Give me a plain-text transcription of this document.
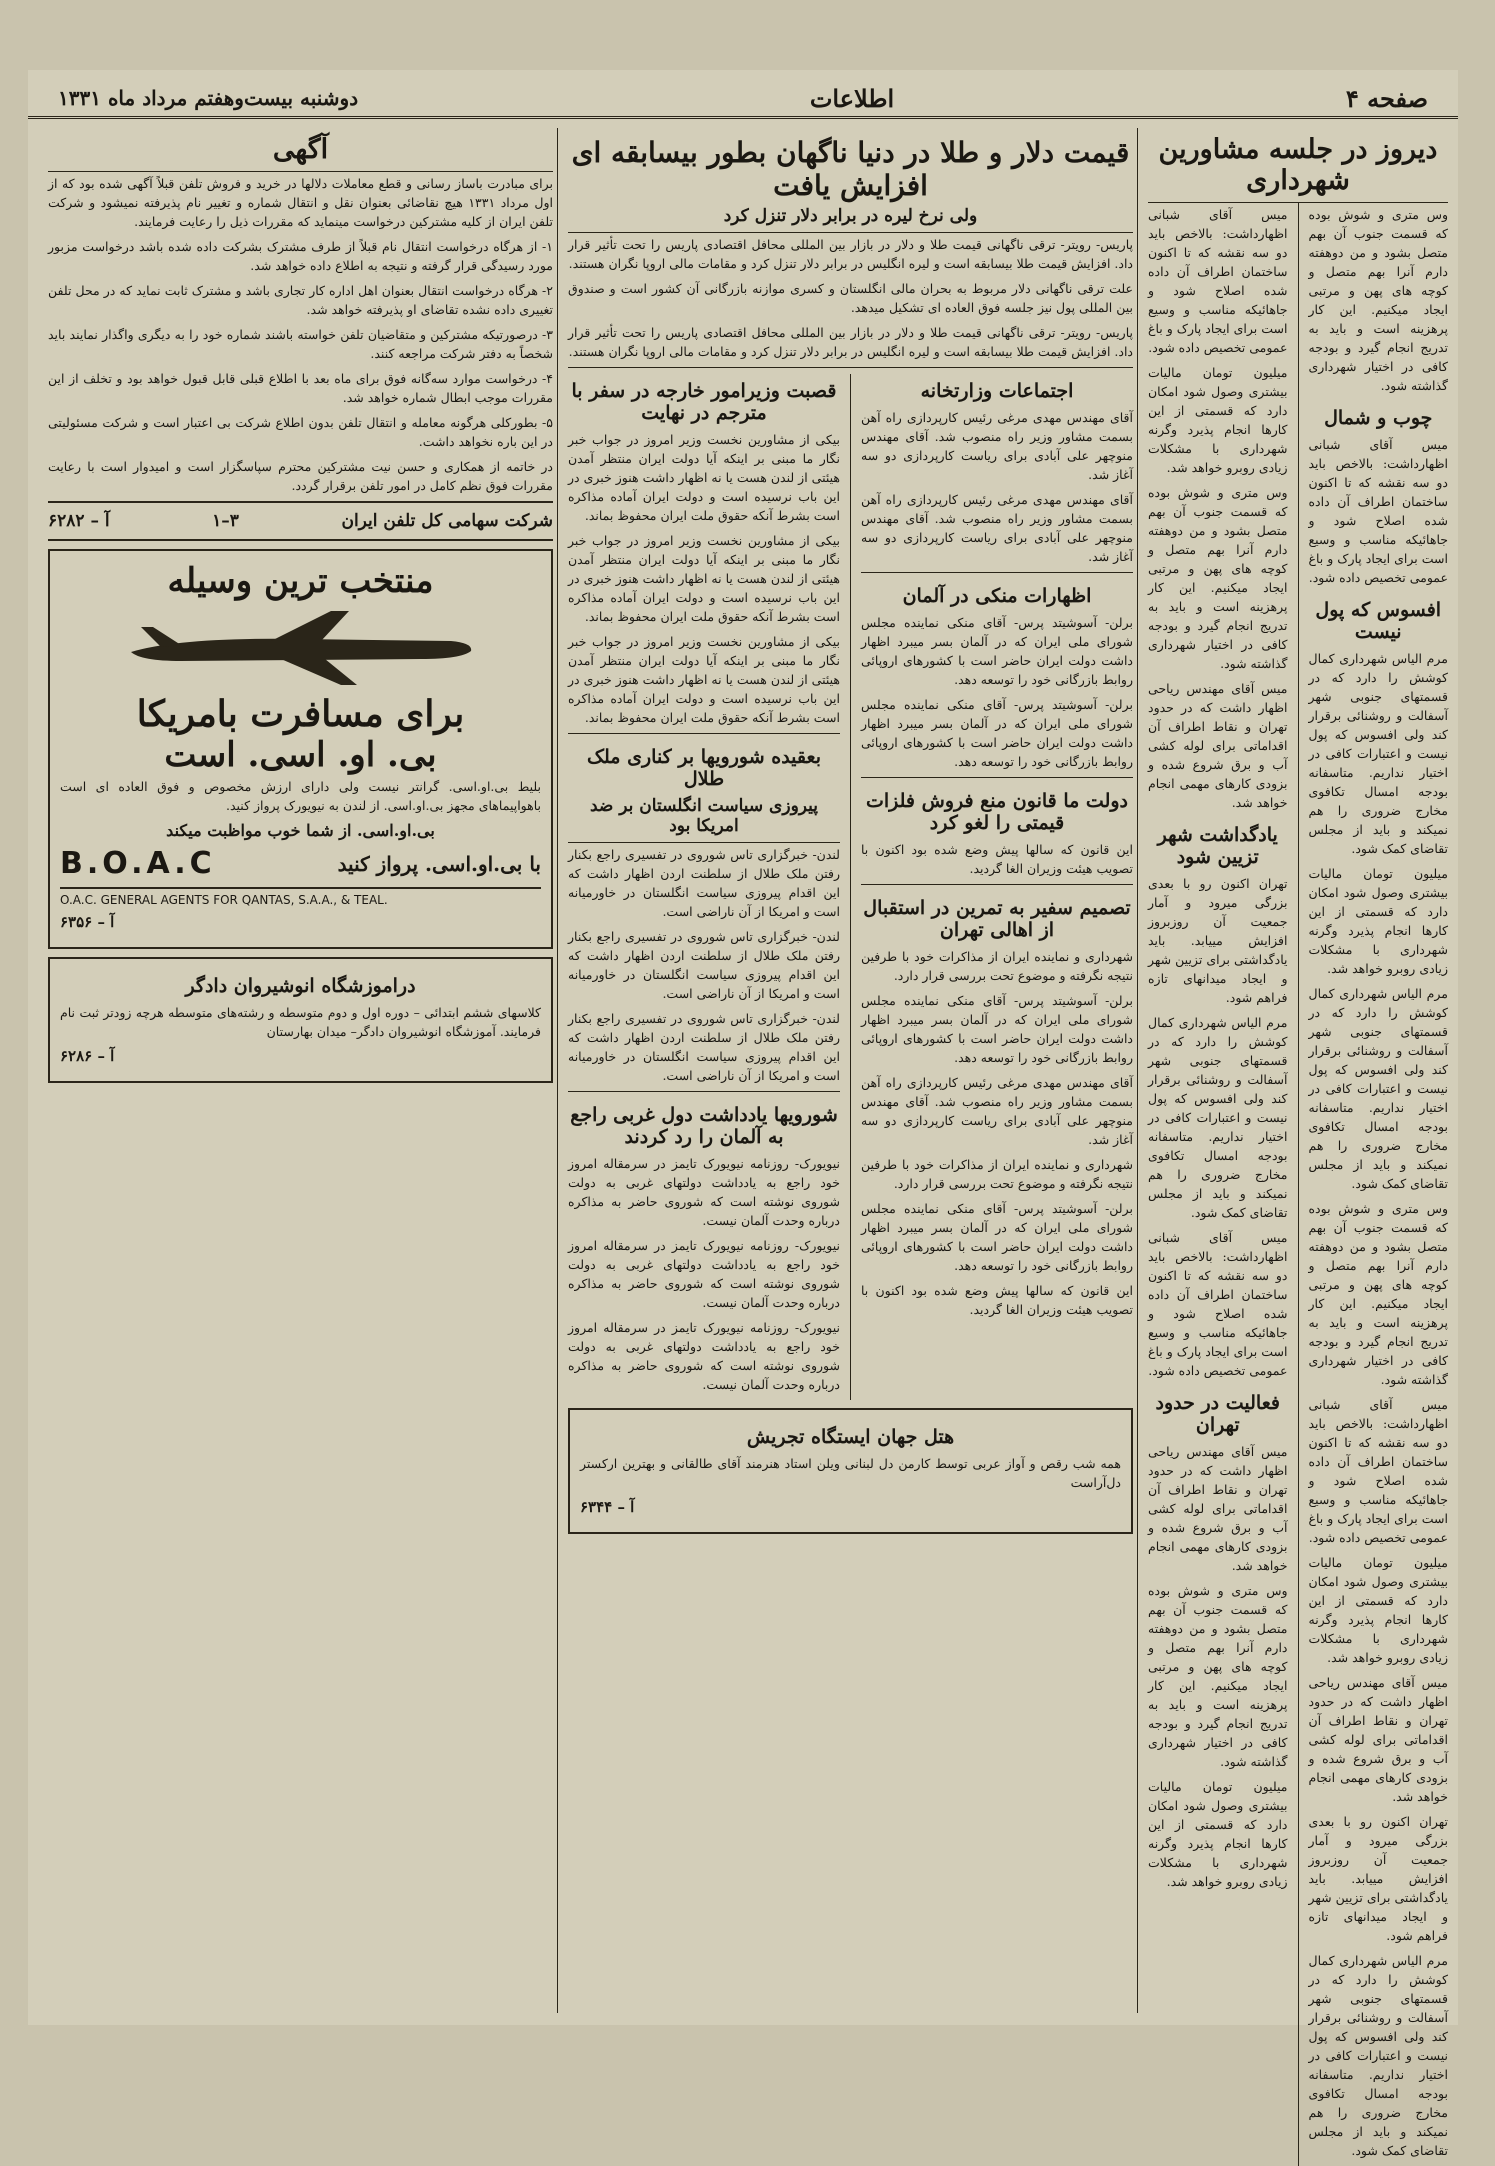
صفحه ۴
اطلاعات
دوشنبه بیست‌وهفتم مرداد ماه ۱۳۳۱
دیروز در جلسه مشاورین شهرداری

وس متری و شوش بوده که قسمت جنوب آن بهم متصل بشود و من دوهفته دارم آنرا بهم متصل و کوچه های پهن و مرتبی ایجاد میکنیم. این کار پرهزینه است و باید به تدریج انجام گیرد و بودجه کافی در اختیار شهرداری گذاشته شود.

چوب و شمال

میس آقای شبانی اظهارداشت: بالاخص باید دو سه نقشه که تا اکنون ساختمان اطراف آن داده شده اصلاح شود و جاهائیکه مناسب و وسیع است برای ایجاد پارک و باغ عمومی تخصیص داده شود.

افسوس که پول نیست

مرم الیاس شهرداری کمال کوشش را دارد که در قسمتهای جنوبی شهر آسفالت و روشنائی برقرار کند ولی افسوس که پول نیست و اعتبارات کافی در اختیار نداریم. متاسفانه بودجه امسال تکافوی مخارج ضروری را هم نمیکند و باید از مجلس تقاضای کمک شود.

میلیون تومان مالیات بیشتری وصول شود امکان دارد که قسمتی از این کارها انجام پذیرد وگرنه شهرداری با مشکلات زیادی روبرو خواهد شد.

مرم الیاس شهرداری کمال کوشش را دارد که در قسمتهای جنوبی شهر آسفالت و روشنائی برقرار کند ولی افسوس که پول نیست و اعتبارات کافی در اختیار نداریم. متاسفانه بودجه امسال تکافوی مخارج ضروری را هم نمیکند و باید از مجلس تقاضای کمک شود.

وس متری و شوش بوده که قسمت جنوب آن بهم متصل بشود و من دوهفته دارم آنرا بهم متصل و کوچه های پهن و مرتبی ایجاد میکنیم. این کار پرهزینه است و باید به تدریج انجام گیرد و بودجه کافی در اختیار شهرداری گذاشته شود.

میس آقای شبانی اظهارداشت: بالاخص باید دو سه نقشه که تا اکنون ساختمان اطراف آن داده شده اصلاح شود و جاهائیکه مناسب و وسیع است برای ایجاد پارک و باغ عمومی تخصیص داده شود.

میلیون تومان مالیات بیشتری وصول شود امکان دارد که قسمتی از این کارها انجام پذیرد وگرنه شهرداری با مشکلات زیادی روبرو خواهد شد.

میس آقای مهندس ریاحی اظهار داشت که در حدود تهران و نقاط اطراف آن اقداماتی برای لوله کشی آب و برق شروع شده و بزودی کارهای مهمی انجام خواهد شد.

تهران اکنون رو با بعدی بزرگی میرود و آمار جمعیت آن روزبروز افزایش مییابد. باید یادگداشتی برای تزیین شهر و ایجاد میدانهای تازه فراهم شود.

مرم الیاس شهرداری کمال کوشش را دارد که در قسمتهای جنوبی شهر آسفالت و روشنائی برقرار کند ولی افسوس که پول نیست و اعتبارات کافی در اختیار نداریم. متاسفانه بودجه امسال تکافوی مخارج ضروری را هم نمیکند و باید از مجلس تقاضای کمک شود.

میس آقای شبانی اظهارداشت: بالاخص باید دو سه نقشه که تا اکنون ساختمان اطراف آن داده شده اصلاح شود و جاهائیکه مناسب و وسیع است برای ایجاد پارک و باغ عمومی تخصیص داده شود.

میلیون تومان مالیات بیشتری وصول شود امکان دارد که قسمتی از این کارها انجام پذیرد وگرنه شهرداری با مشکلات زیادی روبرو خواهد شد.

وس متری و شوش بوده که قسمت جنوب آن بهم متصل بشود و من دوهفته دارم آنرا بهم متصل و کوچه های پهن و مرتبی ایجاد میکنیم. این کار پرهزینه است و باید به تدریج انجام گیرد و بودجه کافی در اختیار شهرداری گذاشته شود.

میس آقای مهندس ریاحی اظهار داشت که در حدود تهران و نقاط اطراف آن اقداماتی برای لوله کشی آب و برق شروع شده و بزودی کارهای مهمی انجام خواهد شد.

یادگداشت شهر تزیین شود

تهران اکنون رو با بعدی بزرگی میرود و آمار جمعیت آن روزبروز افزایش مییابد. باید یادگداشتی برای تزیین شهر و ایجاد میدانهای تازه فراهم شود.

مرم الیاس شهرداری کمال کوشش را دارد که در قسمتهای جنوبی شهر آسفالت و روشنائی برقرار کند ولی افسوس که پول نیست و اعتبارات کافی در اختیار نداریم. متاسفانه بودجه امسال تکافوی مخارج ضروری را هم نمیکند و باید از مجلس تقاضای کمک شود.

میس آقای شبانی اظهارداشت: بالاخص باید دو سه نقشه که تا اکنون ساختمان اطراف آن داده شده اصلاح شود و جاهائیکه مناسب و وسیع است برای ایجاد پارک و باغ عمومی تخصیص داده شود.

فعالیت در حدود تهران

میس آقای مهندس ریاحی اظهار داشت که در حدود تهران و نقاط اطراف آن اقداماتی برای لوله کشی آب و برق شروع شده و بزودی کارهای مهمی انجام خواهد شد.

وس متری و شوش بوده که قسمت جنوب آن بهم متصل بشود و من دوهفته دارم آنرا بهم متصل و کوچه های پهن و مرتبی ایجاد میکنیم. این کار پرهزینه است و باید به تدریج انجام گیرد و بودجه کافی در اختیار شهرداری گذاشته شود.

میلیون تومان مالیات بیشتری وصول شود امکان دارد که قسمتی از این کارها انجام پذیرد وگرنه شهرداری با مشکلات زیادی روبرو خواهد شد.

قیمت دلار و طلا در دنیا ناگهان بطور بیسابقه ای افزایش یافت
ولی نرخ لیره در برابر دلار تنزل کرد

پاریس- رویتر- ترقی ناگهانی قیمت طلا و دلار در بازار بین المللی محافل اقتصادی پاریس را تحت تأثیر قرار داد. افزایش قیمت طلا بیسابقه است و لیره انگلیس در برابر دلار تنزل کرد و مقامات مالی اروپا نگران هستند.

علت ترقی ناگهانی دلار مربوط به بحران مالی انگلستان و کسری موازنه بازرگانی آن کشور است و صندوق بین المللی پول نیز جلسه فوق العاده ای تشکیل میدهد.

پاریس- رویتر- ترقی ناگهانی قیمت طلا و دلار در بازار بین المللی محافل اقتصادی پاریس را تحت تأثیر قرار داد. افزایش قیمت طلا بیسابقه است و لیره انگلیس در برابر دلار تنزل کرد و مقامات مالی اروپا نگران هستند.

اجتماعات وزارتخانه

آقای مهندس مهدی مرغی رئیس کارپردازی راه آهن بسمت مشاور وزیر راه منصوب شد. آقای مهندس منوچهر علی آبادی برای ریاست کارپردازی دو سه آغاز شد.

آقای مهندس مهدی مرغی رئیس کارپردازی راه آهن بسمت مشاور وزیر راه منصوب شد. آقای مهندس منوچهر علی آبادی برای ریاست کارپردازی دو سه آغاز شد.

اظهارات منکی در آلمان

برلن- آسوشیتد پرس- آقای منکی نماینده مجلس شورای ملی ایران که در آلمان بسر میبرد اظهار داشت دولت ایران حاضر است با کشورهای اروپائی روابط بازرگانی خود را توسعه دهد.

برلن- آسوشیتد پرس- آقای منکی نماینده مجلس شورای ملی ایران که در آلمان بسر میبرد اظهار داشت دولت ایران حاضر است با کشورهای اروپائی روابط بازرگانی خود را توسعه دهد.

دولت ما قانون منع فروش فلزات قیمتی را لغو کرد

این قانون که سالها پیش وضع شده بود اکنون با تصویب هیئت وزیران الغا گردید.

تصمیم سفیر به تمرین در استقبال از اهالی تهران

شهرداری و نماینده ایران از مذاکرات خود با طرفین نتیجه نگرفته و موضوع تحت بررسی قرار دارد.

برلن- آسوشیتد پرس- آقای منکی نماینده مجلس شورای ملی ایران که در آلمان بسر میبرد اظهار داشت دولت ایران حاضر است با کشورهای اروپائی روابط بازرگانی خود را توسعه دهد.

آقای مهندس مهدی مرغی رئیس کارپردازی راه آهن بسمت مشاور وزیر راه منصوب شد. آقای مهندس منوچهر علی آبادی برای ریاست کارپردازی دو سه آغاز شد.

شهرداری و نماینده ایران از مذاکرات خود با طرفین نتیجه نگرفته و موضوع تحت بررسی قرار دارد.

برلن- آسوشیتد پرس- آقای منکی نماینده مجلس شورای ملی ایران که در آلمان بسر میبرد اظهار داشت دولت ایران حاضر است با کشورهای اروپائی روابط بازرگانی خود را توسعه دهد.

این قانون که سالها پیش وضع شده بود اکنون با تصویب هیئت وزیران الغا گردید.

قصبت وزیرامور خارجه در سفر با مترجم در نهایت

بیکی از مشاورین نخست وزیر امروز در جواب خبر نگار ما مبنی بر اینکه آیا دولت ایران منتظر آمدن هیئتی از لندن هست یا نه اظهار داشت هنوز خبری در این باب نرسیده است و دولت ایران آماده مذاکره است بشرط آنکه حقوق ملت ایران محفوظ بماند.

بیکی از مشاورین نخست وزیر امروز در جواب خبر نگار ما مبنی بر اینکه آیا دولت ایران منتظر آمدن هیئتی از لندن هست یا نه اظهار داشت هنوز خبری در این باب نرسیده است و دولت ایران آماده مذاکره است بشرط آنکه حقوق ملت ایران محفوظ بماند.

بیکی از مشاورین نخست وزیر امروز در جواب خبر نگار ما مبنی بر اینکه آیا دولت ایران منتظر آمدن هیئتی از لندن هست یا نه اظهار داشت هنوز خبری در این باب نرسیده است و دولت ایران آماده مذاکره است بشرط آنکه حقوق ملت ایران محفوظ بماند.

بعقیده شورویها بر کناری ملک طلال
پیروزی سیاست انگلستان بر ضد امریکا بود

لندن- خبرگزاری تاس شوروی در تفسیری راجع بکنار رفتن ملک طلال از سلطنت اردن اظهار داشت که این اقدام پیروزی سیاست انگلستان در خاورمیانه است و امریکا از آن ناراضی است.

لندن- خبرگزاری تاس شوروی در تفسیری راجع بکنار رفتن ملک طلال از سلطنت اردن اظهار داشت که این اقدام پیروزی سیاست انگلستان در خاورمیانه است و امریکا از آن ناراضی است.

لندن- خبرگزاری تاس شوروی در تفسیری راجع بکنار رفتن ملک طلال از سلطنت اردن اظهار داشت که این اقدام پیروزی سیاست انگلستان در خاورمیانه است و امریکا از آن ناراضی است.

شورویها یادداشت دول غربی راجع به آلمان را رد کردند

نیویورک- روزنامه نیویورک تایمز در سرمقاله امروز خود راجع به یادداشت دولتهای غربی به دولت شوروی نوشته است که شوروی حاضر به مذاکره درباره وحدت آلمان نیست.

نیویورک- روزنامه نیویورک تایمز در سرمقاله امروز خود راجع به یادداشت دولتهای غربی به دولت شوروی نوشته است که شوروی حاضر به مذاکره درباره وحدت آلمان نیست.

نیویورک- روزنامه نیویورک تایمز در سرمقاله امروز خود راجع به یادداشت دولتهای غربی به دولت شوروی نوشته است که شوروی حاضر به مذاکره درباره وحدت آلمان نیست.

هتل جهان ایستگاه تجریش

همه شب رقص و آواز عربی توسط کارمن دل لبنانی ویلن استاد هنرمند آقای طالقانی و بهترین ارکستر دل‌آراست

آ – ۶۳۴۴
آگهی

برای مبادرت باساز رسانی و قطع معاملات دلالها در خرید و فروش تلفن قبلاً آگهی شده بود که از اول مرداد ۱۳۳۱ هیچ نقاضائی بعنوان نقل و انتقال شماره و تغییر نام پذیرفته نمیشود و شرکت تلفن ایران از کلیه مشترکین درخواست مینماید که مقررات ذیل را رعایت فرمایند.

۱- از هرگاه درخواست انتقال نام قبلاً از طرف مشترک بشرکت داده شده باشد درخواست مزبور مورد رسیدگی قرار گرفته و نتیجه به اطلاع داده خواهد شد.

۲- هرگاه درخواست انتقال بعنوان اهل اداره کار تجاری باشد و مشترک ثابت نماید که در محل تلفن تغییری داده نشده تقاضای او پذیرفته خواهد شد.

۳- درصورتیکه مشترکین و متقاضیان تلفن خواسته باشند شماره خود را به دیگری واگذار نمایند باید شخصاً به دفتر شرکت مراجعه کنند.

۴- درخواست موارد سه‌گانه فوق برای ماه بعد با اطلاع قبلی قابل قبول خواهد بود و تخلف از این مقررات موجب ابطال شماره خواهد شد.

۵- بطورکلی هرگونه معامله و انتقال تلفن بدون اطلاع شرکت بی اعتبار است و شرکت مسئولیتی در این باره نخواهد داشت.

در خاتمه از همکاری و حسن نیت مشترکین محترم سپاسگزار است و امیدوار است با رعایت مقررات فوق نظم کامل در امور تلفن برقرار گردد.

شرکت سهامی کل تلفن ایران
۳–۱
آ – ۶۲۸۲
منتخب ترین وسیله
برای مسافرت بامریکا
بی. او. اسی. است

بلیط بی.او.اسی. گرانتر نیست ولی دارای ارزش مخصوص و فوق العاده ای است باهواپیماهای مجهز بی.او.اسی. از لندن به نیویورک پرواز کنید.

بی.او.اسی. از شما خوب مواظبت میکند

با بی.او.اسی. پرواز کنید
B.O.A.C
O.A.C. GENERAL AGENTS FOR QANTAS, S.A.A., & TEAL.
آ – ۶۳۵۶
دراموزشگاه انوشیروان دادگر

کلاسهای ششم ابتدائی – دوره اول و دوم متوسطه و رشته‌های متوسطه هرچه زودتر ثبت نام فرمایند. آموزشگاه انوشیروان دادگر– میدان بهارستان

آ – ۶۲۸۶
